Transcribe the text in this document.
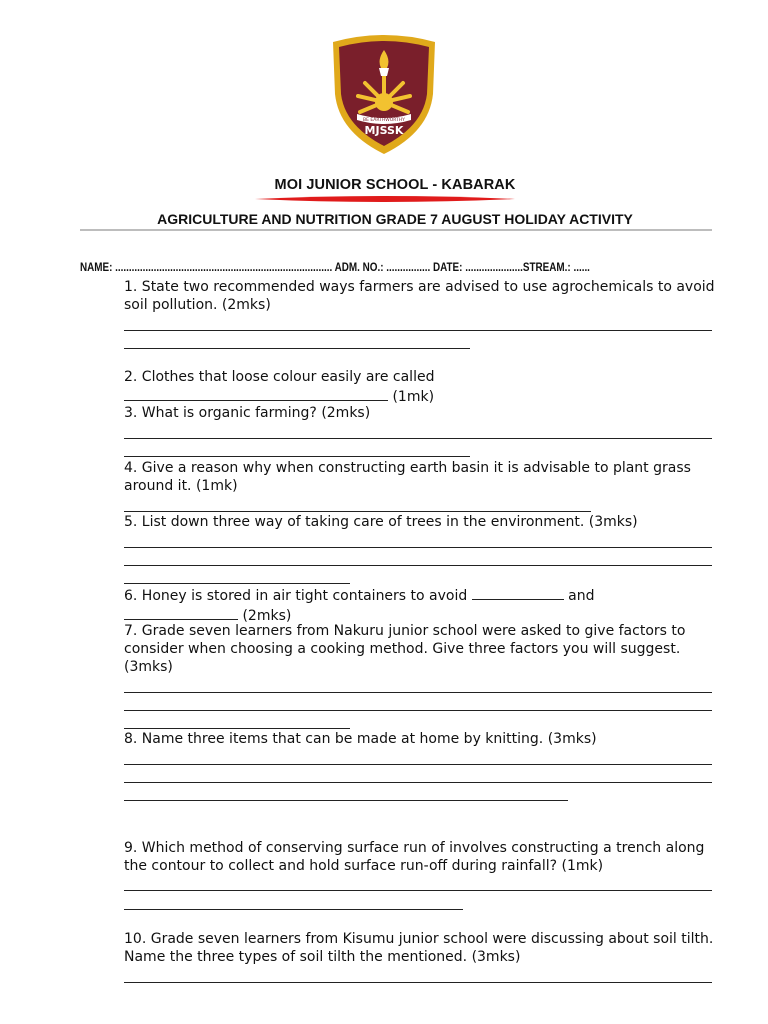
BE EARTHWORTHY
MJSSK

MOI JUNIOR SCHOOL - KABARAK

AGRICULTURE AND NUTRITION GRADE 7 AUGUST HOLIDAY ACTIVITY

NAME: ............................................................................... ADM. NO.: ................ DATE: .....................STREAM.: ......

1. State two recommended ways farmers are advised to use agrochemicals to avoid soil pollution. (2mks)

2. Clothes that loose colour easily are called
(1mk)

3. What is organic farming? (2mks)

4. Give a reason why when constructing earth basin it is advisable to plant grass around it. (1mk)

5. List down three way of taking care of trees in the environment. (3mks)

6. Honey is stored in air tight containers to avoid	and
(2mks)

7. Grade seven learners from Nakuru junior school were asked to give factors to consider when choosing a cooking method. Give three factors you will suggest. (3mks)

8. Name three items that can be made at home by knitting. (3mks)

9. Which method of conserving surface run of involves constructing a trench along the contour to collect and hold surface run-off during rainfall? (1mk)

10. Grade seven learners from Kisumu junior school were discussing about soil tilth. Name the three types of soil tilth the mentioned. (3mks)
